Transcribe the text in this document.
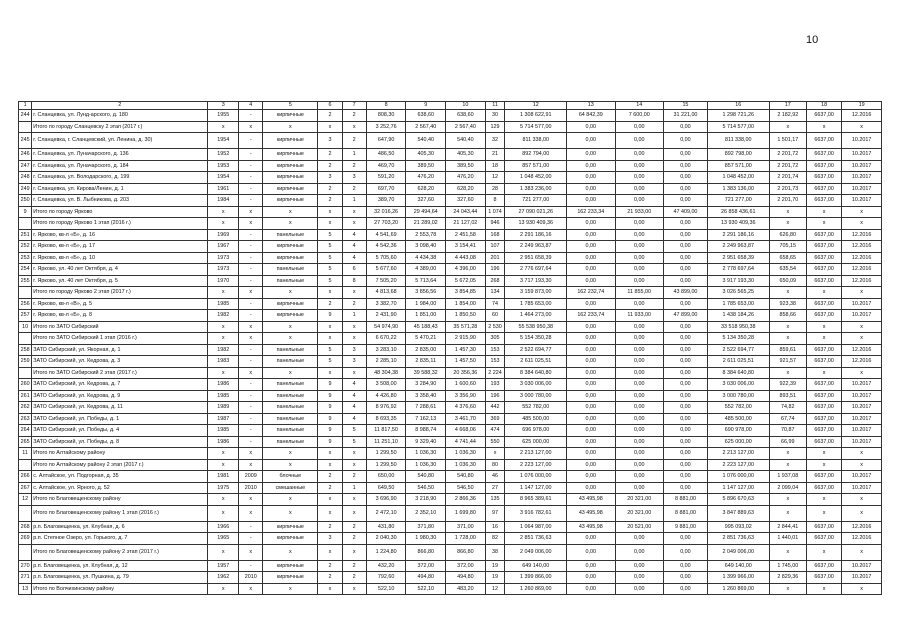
10
1	2	3	4	5	6	7	8	9	10	11	12	13	14	15	16	17	18	19
244	г. Сланцевка, ул. Лунд-арского, д. 180	1955	-	кирпичные	2	2	808,30	638,60	638,60	30	1 308 622,91	64 842,39	7 600,00	31 221,00	1 298 721,26	2 182,92	6637,00	12.2016
	Итого по городу Сланцевску 2 этап (2017 г.)	x	x	x	x	x	3 252,76	2 567,40	2 567,40	129	5 714 577,00	0,00	0,00	0,00	5 714 577,00	x	x	x
245	г. Сланцевка, г. Сланцевский, ул. Ленина, д. 30)	1954	-	кирпичные	3	2	647,90	540,40	540,40	32	811 338,00	0,00	0,00	0,00	811 338,00	1 501,17	6637,00	10.2017
246	г. Сланцевка, ул. Луначарского, д. 136	1952	-	кирпичные	2	1	486,50	405,30	405,30	21	892 794,00	0,00	0,00	0,00	892 798,00	2 201,72	6637,00	10.2017
247	г. Сланцевка, ул. Луначарского, д. 184	1953	-	кирпичные	2	2	469,70	389,50	389,50	18	857 571,00	0,00	0,00	0,00	857 571,00	2 201,72	6637,00	10.2017
248	г. Сланцевка, ул. Володарского, д. 199	1954	-	кирпичные	3	3	591,20	476,20	476,20	12	1 048 452,00	0,00	0,00	0,00	1 048 452,00	2 201,74	6637,00	10.2017
249	г. Сланцевка, ул. Кирова/Ленин, д. 1	1961	-	кирпичные	2	2	697,70	628,20	628,20	28	1 383 236,00	0,00	0,00	0,00	1 383 136,00	2 201,73	6637,00	10.2017
250	г. Сланцевка, ул. В. Лыбникова, д. 203	1984	-	кирпичные	2	1	389,70	327,60	327,60	8	721 277,00	0,00	0,00	0,00	721 277,00	2 201,70	6637,00	10.2017
9	Итого по городу Ярково	x	x	x	x	x	32 016,26	29 494,64	24 043,44	1 074	27 090 021,26	162 233,34	21 933,00	47 409,00	26 858 436,61	x	x	x
	Итого по городу Ярково 1 этап (2016 г.)	x	x	x	x	x	27 703,20	21 289,02	21 127,02	946	13 930 409,36	0,00	0,00	0,00	13 930 409,36	x	x	x
251	г. Ярково, кв-л «Б», д. 16	1969	-	панельные	5	4	4 541,69	2 553,78	2 451,58	168	2 291 186,16	0,00	0,00	0,00	2 291 186,16	626,80	6637,00	12.2016
252	г. Ярково, кв-л «Б», д. 17	1967	-	кирпичные	5	4	4 542,36	3 098,40	3 154,41	107	2 249 963,87	0,00	0,00	0,00	2 249 963,87	705,15	6637,00	12.2016
253	г. Ярково, кв-л «Б», д. 10	1973	-	кирпичные	5	4	5 705,60	4 434,38	4 443,08	201	2 951 658,39	0,00	0,00	0,00	2 951 658,39	658,65	6637,00	12.2016
254	г. Ярково, ул. 40 лет Октября, д. 4	1973	-	панельные	5	6	5 677,60	4 389,00	4 396,00	196	2 776 697,64	0,00	0,00	0,00	2 778 697,64	635,54	6637,00	12.2016
255	г. Ярково, ул. 40 лет Октября, д. 5	1970	-	панельные	5	8	7 505,20	5 713,64	5 672,05	268	3 717 193,30	0,00	0,00	0,00	3 917 193,30	650,09	6637,00	12.2016
	Итого по городу Ярково 2 этап (2017 г.)	x	x	x	x	x	4 813,68	3 856,56	3 854,85	134	3 159 873,00	162 232,74	11 855,00	43 899,00	3 026 565,25	x	x	x
256	г. Ярково, кв-л «В», д. 5	1985	-	кирпичные	2	2	3 382,70	1 984,00	1 854,00	74	1 785 653,00	0,00	0,00	0,00	1 785 653,00	923,38	6637,00	10.2017
257	г. Ярково, кв-л «Б», д. 8	1982	-	кирпичные	9	1	2 431,90	1 851,00	1 850,50	60	1 464 273,00	162 233,74	11 933,00	47 899,00	1 438 184,26	858,66	6637,00	10.2017
10	Итого по ЗАТО Сибирский	x	x	x	x	x	54 974,90	45 188,43	35 571,28	2 530	55 538 950,38	0,00	0,00	0,00	33 518 950,38	x	x	x
	Итого по ЗАТО Сибирский 1 этап (2016 г.)	x	x	x	x	x	6 670,22	5 470,21	2 915,90	305	5 154 350,28	0,00	0,00	0,00	5 134 350,28	x	x	x
258	ЗАТО Сибирский, ул. Якорная, д. 1	1982	-	панельные	5	3	3 283,10	2 835,00	1 457,30	153	2 522 694,77	0,00	0,00	0,00	2 522 694,77	859,61	6637,00	12.2016
259	ЗАТО Сибирский, ул. Кедрова, д. 3	1983	-	панельные	5	3	2 285,10	2 835,11	1 457,50	153	2 611 025,51	0,00	0,00	0,00	2 611 025,51	921,57	6637,00	12.2016
	Итого по ЗАТО Сибирский 2 этап (2017 г.)	x	x	x	x	x	48 304,38	39 588,32	20 356,36	2 224	8 384 640,80	0,00	0,00	0,00	8 384 640,80	x	x	x
260	ЗАТО Сибирский, ул. Кедрова, д. 7	1986	-	панельные	9	4	3 508,00	3 284,90	1 600,60	193	3 030 006,00	0,00	0,00	0,00	3 030 006,00	922,39	6637,00	10.2017
261	ЗАТО Сибирский, ул. Кедрова, д. 9	1985	-	панельные	9	4	4 426,80	3 358,40	3 356,90	196	3 000 780,00	0,00	0,00	0,00	3 000 780,00	893,51	6637,00	10.2017
262	ЗАТО Сибирский, ул. Кедрова, д. 11	1989	-	панельные	9	4	8 976,92	7 288,61	4 376,60	442	552 782,00	0,00	0,00	0,00	552 782,00	74,82	6637,00	10.2017
263	ЗАТО Сибирский, ул. Победы, д. 1	1987	-	панельные	9	4	8 693,35	7 162,13	3 461,70	369	485 500,00	0,00	0,00	0,00	485 500,00	67,74	6637,00	10.2017
264	ЗАТО Сибирский, ул. Победы, д. 4	1985	-	панельные	9	5	11 817,50	8 988,74	4 668,06	474	696 978,00	0,00	0,00	0,00	690 978,00	70,87	6637,00	10.2017
265	ЗАТО Сибирский, ул. Победы, д. 8	1986	-	панельные	9	5	11 251,10	9 329,40	4 741,44	550	625 000,00	0,00	0,00	0,00	625 000,00	66,99	6637,00	10.2017
11	Итого по Алтайскому району	x	x	x	x	x	1 299,50	1 036,30	1 036,30	x	2 213 127,00	0,00	0,00	0,00	2 213 127,00	x	x	x
	Итого по Алтайскому району 2 этап (2017 г.)	x	x	x	x	x	1 299,50	1 036,30	1 036,30	80	2 223 127,00	0,00	0,00	0,00	2 223 127,00	x	x	x
266	с. Алтайское, ул. Подгорная, д. 35	1981	2009	блочные	2	2	650,00	540,80	540,80	46	1 076 000,00	0,00	0,00	0,00	1 076 000,00	1 937,08	6637,00	10.2017
267	с. Алтайское, ул. Ярного, д. 52	1975	2010	смешанные	2	1	649,50	546,50	546,50	27	1 147 127,00	0,00	0,00	0,00	1 147 127,00	2 099,04	6637,00	10.2017
12	Итого по Благовещенскому району	x	x	x	x	x	3 696,90	3 218,90	2 866,36	135	8 965 389,61	43 495,98	20 321,00	8 881,00	5 896 670,63	x	x	x
	Итого по Благовещенскому району 1 этап (2016 г.)	x	x	x	x	x	2 472,10	2 352,10	1 699,80	97	3 916 782,61	43 495,98	20 321,00	8 881,00	3 847 889,63	x	x	x
268	р.п. Благовещенка, ул. Клубная, д. 6	1966	-	кирпичные	2	2	431,80	371,80	371,00	16	1 064 987,00	43 495,98	20 521,00	9 881,00	995 093,02	2 844,41	6637,00	12.2016
269	р.п. Степное Озеро, ул. Горького, д. 7	1965	-	кирпичные	3	2	2 040,30	1 980,30	1 728,00	82	2 851 736,63	0,00	0,00	0,00	2 851 736,63	1 440,01	6637,00	12.2016
	Итого по Благовещенскому району 2 этап (2017 г.)	x	x	x	x	x	1 224,80	866,80	866,80	38	2 049 006,00	0,00	0,00	0,00	2 049 006,00	x	x	x
270	р.п. Благовещенка, ул. Клубная, д. 12	1957	-	кирпичные	2	2	432,20	372,00	372,00	19	649 140,00	0,00	0,00	0,00	649 140,00	1 745,00	6637,00	10.2017
271	р.п. Благовещенка, ул. Пушкина, д. 79	1962	2010	кирпичные	2	2	792,60	494,80	494,80	19	1 399 866,00	0,00	0,00	0,00	1 399 966,00	2 829,36	6637,00	10.2017
13	Итого по Волчихинскому району	x	x	x	x	x	522,10	522,10	483,20	12	1 260 869,00	0,00	0,00	0,00	1 260 869,00	x	x	x
